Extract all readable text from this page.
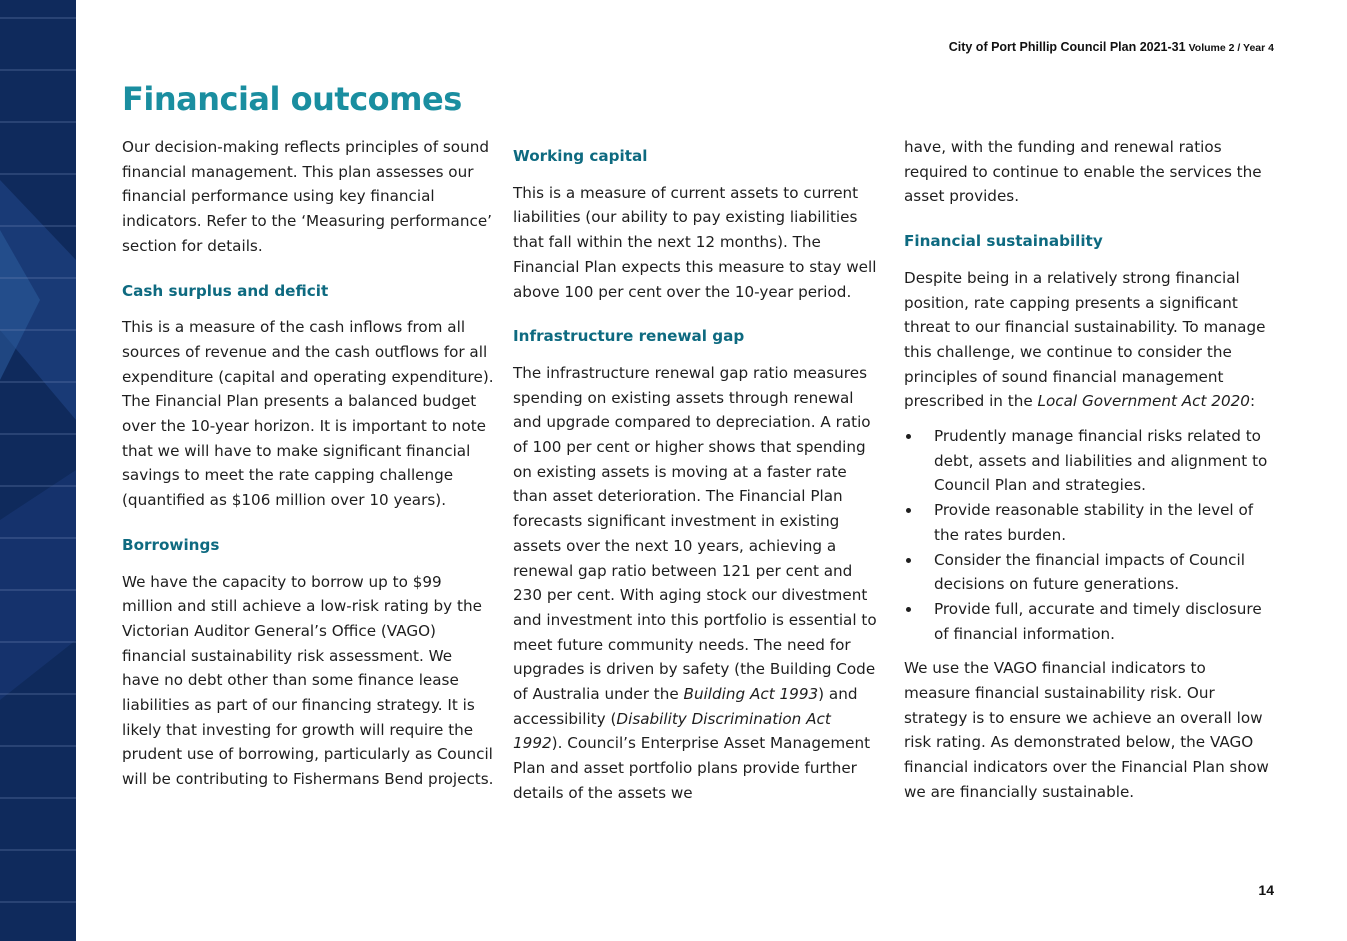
City of Port Phillip Council Plan 2021-31 Volume 2 / Year 4
Financial outcomes

Our decision-making reflects principles of sound financial management. This plan assesses our financial performance using key financial indicators. Refer to the ‘Measuring performance’ section for details.

Cash surplus and deficit

This is a measure of the cash inflows from all sources of revenue and the cash outflows for all expenditure (capital and operating expenditure). The Financial Plan presents a balanced budget over the 10-year horizon. It is important to note that we will have to make significant financial savings to meet the rate capping challenge (quantified as $106 million over 10 years).

Borrowings

We have the capacity to borrow up to $99 million and still achieve a low-risk rating by the Victorian Auditor General’s Office (VAGO) financial sustainability risk assessment. We have no debt other than some finance lease liabilities as part of our financing strategy. It is likely that investing for growth will require the prudent use of borrowing, particularly as Council will be contributing to Fishermans Bend projects.

Working capital

This is a measure of current assets to current liabilities (our ability to pay existing liabilities that fall within the next 12 months). The Financial Plan expects this measure to stay well above 100 per cent over the 10-year period.

Infrastructure renewal gap

The infrastructure renewal gap ratio measures spending on existing assets through renewal and upgrade compared to depreciation. A ratio of 100 per cent or higher shows that spending on existing assets is moving at a faster rate than asset deterioration. The Financial Plan forecasts significant investment in existing assets over the next 10 years, achieving a renewal gap ratio between 121 per cent and 230 per cent. With aging stock our divestment and investment into this portfolio is essential to meet future community needs. The need for upgrades is driven by safety (the Building Code of Australia under the Building Act 1993) and accessibility (Disability Discrimination Act 1992). Council’s Enterprise Asset Management Plan and asset portfolio plans provide further details of the assets we

have, with the funding and renewal ratios required to continue to enable the services the asset provides.

Financial sustainability

Despite being in a relatively strong financial position, rate capping presents a significant threat to our financial sustainability. To manage this challenge, we continue to consider the principles of sound financial management prescribed in the Local Government Act 2020:

Prudently manage financial risks related to debt, assets and liabilities and alignment to Council Plan and strategies.
Provide reasonable stability in the level of the rates burden.
Consider the financial impacts of Council decisions on future generations.
Provide full, accurate and timely disclosure of financial information.

We use the VAGO financial indicators to measure financial sustainability risk. Our strategy is to ensure we achieve an overall low risk rating. As demonstrated below, the VAGO financial indicators over the Financial Plan show we are financially sustainable.

14
